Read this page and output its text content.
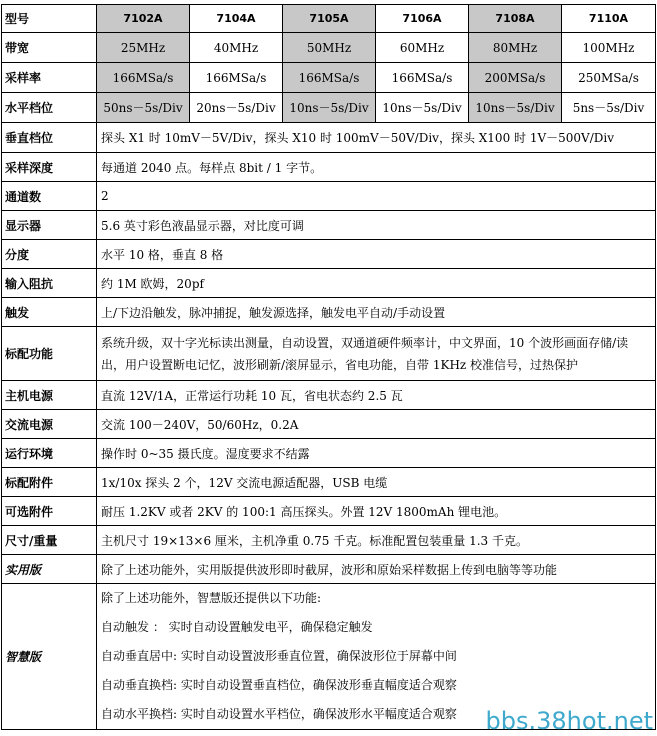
型号	7102A	7104A	7105A	7106A	7108A	7110A
带宽	25MHz	40MHz	50MHz	60MHz	80MHz	100MHz
采样率	166MSa/s	166MSa/s	166MSa/s	166MSa/s	200MSa/s	250MSa/s
水平档位	50ns－5s/Div	20ns－5s/Div	10ns－5s/Div	10ns－5s/Div	10ns－5s/Div	5ns－5s/Div
垂直档位	探头 X1 时 10mV－5V/Div，探头 X10 时 100mV－50V/Div，探头 X100 时 1V－500V/Div					
采样深度	每通道 2040 点。每样点 8bit / 1 字节。					
通道数	2					
显示器	5.6 英寸彩色液晶显示器，对比度可调					
分度	水平 10 格，垂直 8 格					
输入阻抗	约 1M 欧姆，20pf					
触发	上/下边沿触发，脉冲捕捉，触发源选择，触发电平自动/手动设置					
标配功能	系统升级，双十字光标读出测量，自动设置，双通道硬件频率计，中文界面，10 个波形画面存储/读出，用户设置断电记忆，波形刷新/滚屏显示，省电功能，自带 1KHz 校准信号，过热保护					
主机电源	直流 12V/1A，正常运行功耗 10 瓦，省电状态约 2.5 瓦					
交流电源	交流 100－240V，50/60Hz，0.2A					
运行环境	操作时 0~35 摄氏度。湿度要求不结露					
标配附件	1x/10x 探头 2 个，12V 交流电源适配器，USB 电缆					
可选附件	耐压 1.2KV 或者 2KV 的 100:1 高压探头。外置 12V 1800mAh 锂电池。					
尺寸/重量	主机尺寸 19×13×6 厘米，主机净重 0.75 千克。标准配置包装重量 1.3 千克。					
实用版	除了上述功能外，实用版提供波形即时截屏，波形和原始采样数据上传到电脑等等功能					
智慧版	除了上述功能外，智慧版还提供以下功能:
自动触发 ： 实时自动设置触发电平，确保稳定触发
自动垂直居中: 实时自动设置波形垂直位置，确保波形位于屏幕中间
自动垂直换档: 实时自动设置垂直档位，确保波形垂直幅度适合观察
自动水平换档: 实时自动设置水平档位，确保波形水平幅度适合观察						bbs.38hot.net
